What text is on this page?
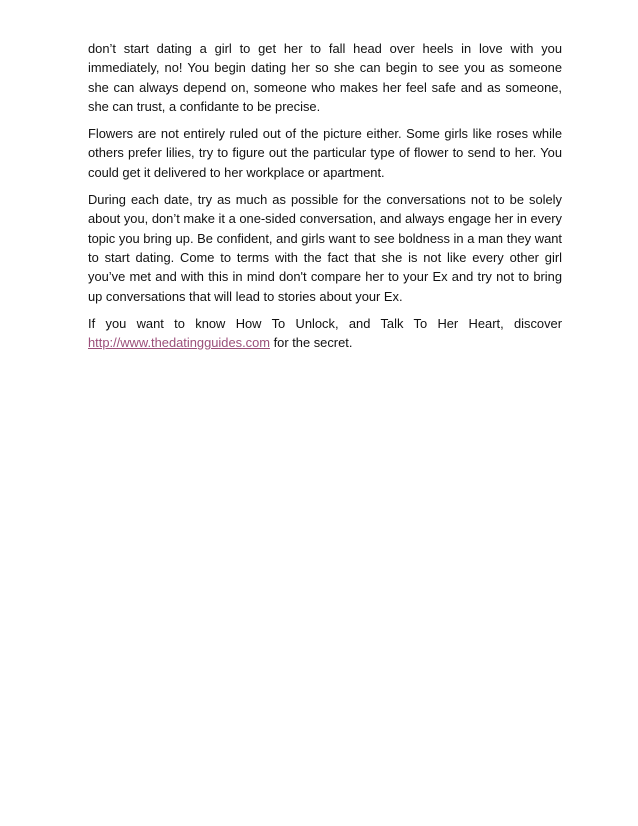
don’t start dating a girl to get her to fall head over heels in love with you immediately, no! You begin dating her so she can begin to see you as someone she can always depend on, someone who makes her feel safe and as someone, she can trust, a confidante to be precise.

Flowers are not entirely ruled out of the picture either. Some girls like roses while others prefer lilies, try to figure out the particular type of flower to send to her. You could get it delivered to her workplace or apartment.

During each date, try as much as possible for the conversations not to be solely about you, don’t make it a one-sided conversation, and always engage her in every topic you bring up. Be confident, and girls want to see boldness in a man they want to start dating. Come to terms with the fact that she is not like every other girl you’ve met and with this in mind don't compare her to your Ex and try not to bring up conversations that will lead to stories about your Ex.

If you want to know How To Unlock, and Talk To Her Heart, discover http://www.thedatingguides.com for the secret.
